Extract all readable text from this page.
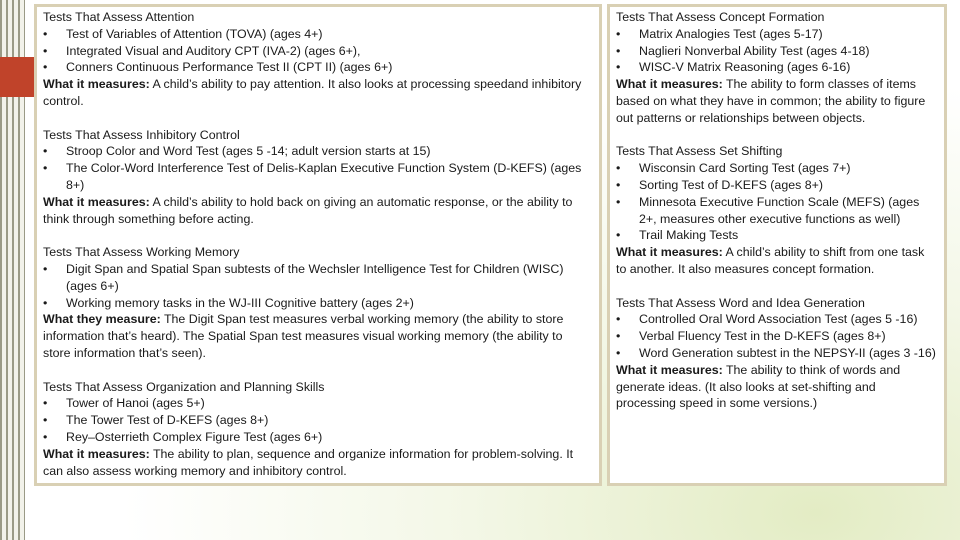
Tests That Assess Attention
• Test of Variables of Attention (TOVA) (ages 4+)
• Integrated Visual and Auditory CPT (IVA-2) (ages 6+),
• Conners Continuous Performance Test II (CPT II) (ages 6+)
What it measures: A child’s ability to pay attention. It also looks at processing speedand inhibitory control.
Tests That Assess Inhibitory Control
• Stroop Color and Word Test (ages 5 -14; adult version starts at 15)
• The Color-Word Interference Test of Delis-Kaplan Executive Function System (D-KEFS) (ages 8+)
What it measures: A child’s ability to hold back on giving an automatic response, or the ability to think through something before acting.
Tests That Assess Working Memory
• Digit Span and Spatial Span subtests of the Wechsler Intelligence Test for Children (WISC) (ages 6+)
• Working memory tasks in the WJ-III Cognitive battery (ages 2+)
What they measure: The Digit Span test measures verbal working memory (the ability to store information that’s heard). The Spatial Span test measures visual working memory (the ability to store information that’s seen).
Tests That Assess Organization and Planning Skills
• Tower of Hanoi (ages 5+)
• The Tower Test of D-KEFS (ages 8+)
• Rey–Osterrieth Complex Figure Test (ages 6+)
What it measures: The ability to plan, sequence and organize information for problem-solving. It can also assess working memory and inhibitory control.
Tests That Assess Concept Formation
• Matrix Analogies Test (ages 5-17)
• Naglieri Nonverbal Ability Test (ages 4-18)
• WISC-V Matrix Reasoning (ages 6-16)
What it measures: The ability to form classes of items based on what they have in common; the ability to figure out patterns or relationships between objects.
Tests That Assess Set Shifting
• Wisconsin Card Sorting Test (ages 7+)
• Sorting Test of D-KEFS (ages 8+)
• Minnesota Executive Function Scale (MEFS) (ages 2+, measures other executive functions as well)
• Trail Making Tests
What it measures: A child’s ability to shift from one task to another. It also measures concept formation.
Tests That Assess Word and Idea Generation
• Controlled Oral Word Association Test (ages 5 -16)
• Verbal Fluency Test in the D-KEFS (ages 8+)
• Word Generation subtest in the NEPSY-II (ages 3 -16)
What it measures: The ability to think of words and generate ideas. (It also looks at set-shifting and processing speed in some versions.)
